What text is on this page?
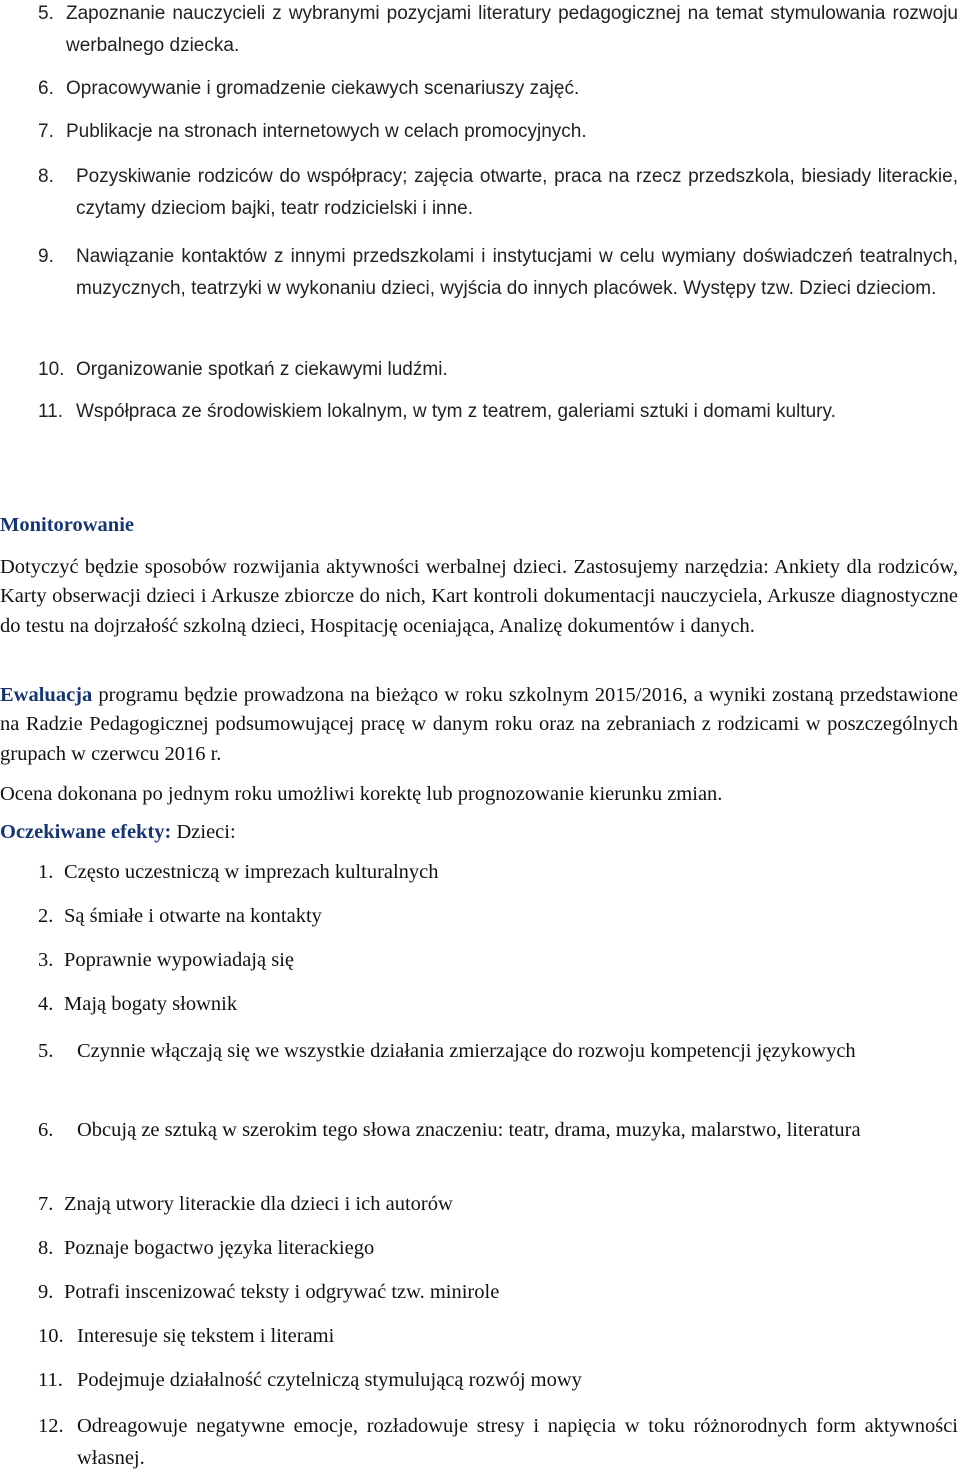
5. Zapoznanie nauczycieli z wybranymi pozycjami literatury pedagogicznej na temat stymulowania rozwoju werbalnego dziecka.
6. Opracowywanie i gromadzenie ciekawych scenariuszy zajęć.
7. Publikacje na stronach internetowych w celach promocyjnych.
8.	Pozyskiwanie rodziców do współpracy; zajęcia otwarte, praca na rzecz przedszkola, biesiady literackie, czytamy dzieciom bajki, teatr rodzicielski i inne.
9.	Nawiązanie kontaktów z innymi przedszkolami i instytucjami w celu wymiany doświadczeń teatralnych, muzycznych, teatrzyki w wykonaniu dzieci, wyjścia do innych placówek. Występy tzw. Dzieci dzieciom.
10. Organizowanie spotkań z ciekawymi ludźmi.
11. Współpraca ze środowiskiem lokalnym, w tym z teatrem, galeriami sztuki i domami kultury.
Monitorowanie
Dotyczyć będzie sposobów rozwijania aktywności werbalnej dzieci. Zastosujemy narzędzia: Ankiety dla rodziców, Karty obserwacji dzieci i Arkusze zbiorcze do nich, Kart kontroli dokumentacji nauczyciela, Arkusze diagnostyczne do testu na dojrzałość szkolną dzieci, Hospitację oceniająca, Analizę dokumentów i danych.
Ewaluacja programu będzie prowadzona na bieżąco w roku szkolnym 2015/2016, a wyniki zostaną przedstawione na Radzie Pedagogicznej podsumowującej pracę w danym roku oraz na zebraniach z rodzicami w poszczególnych grupach w czerwcu 2016 r.
Ocena dokonana po jednym roku umożliwi korektę lub prognozowanie kierunku zmian.
Oczekiwane efekty: Dzieci:
1. Często uczestniczą w imprezach kulturalnych
2. Są śmiałe i otwarte na kontakty
3. Poprawnie wypowiadają się
4. Mają bogaty słownik
5.	Czynnie włączają się we wszystkie działania zmierzające do rozwoju kompetencji językowych
6.	Obcują ze sztuką w szerokim tego słowa znaczeniu: teatr, drama, muzyka, malarstwo, literatura
7. Znają utwory literackie dla dzieci i ich autorów
8. Poznaje bogactwo języka literackiego
9. Potrafi inscenizować teksty i odgrywać tzw. minirole
10. Interesuje się tekstem i literami
11. Podejmuje działalność czytelniczą stymulującą rozwój mowy
12. Odreagowuje negatywne emocje, rozładowuje stresy i napięcia w toku różnorodnych form aktywności własnej.
